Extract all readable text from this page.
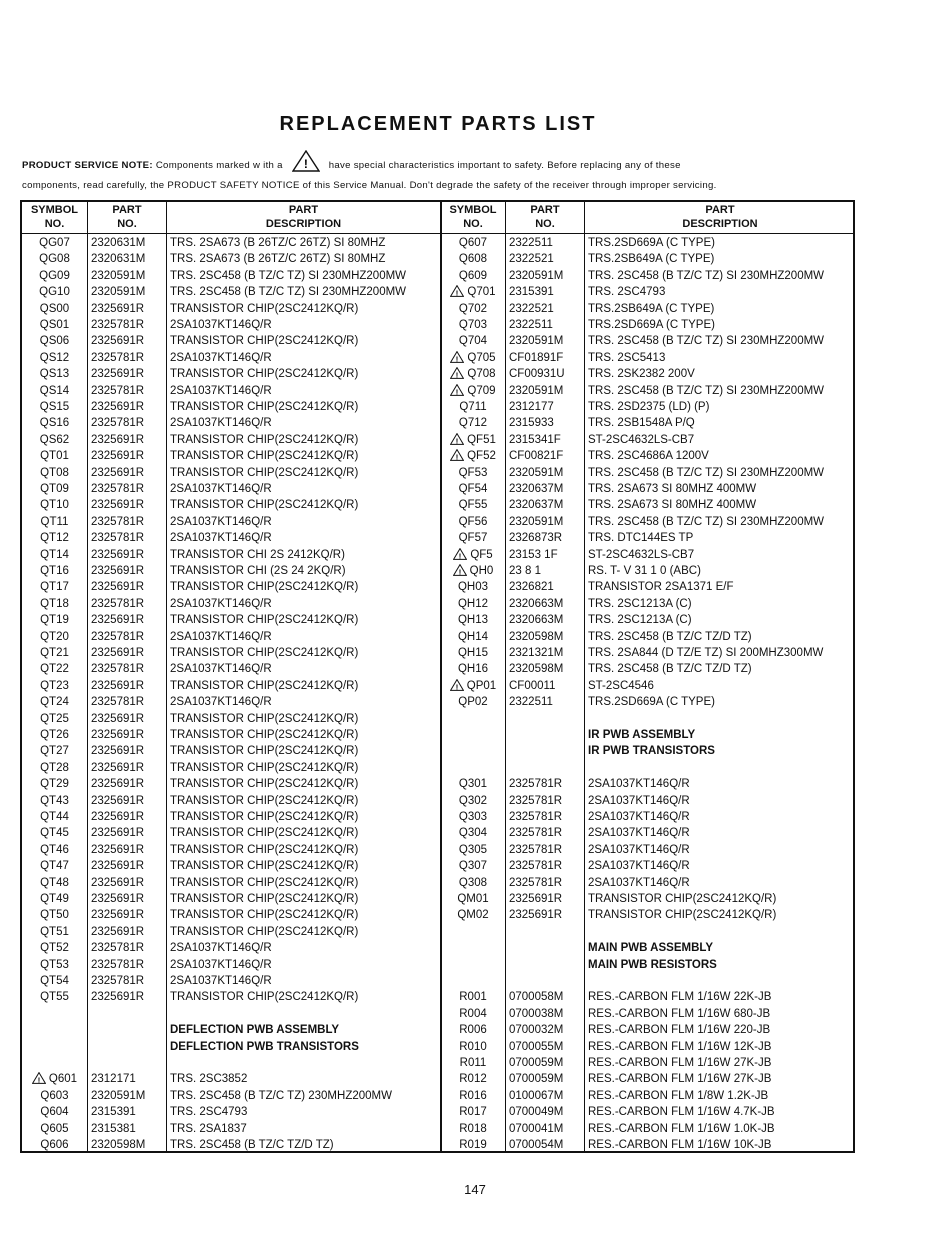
REPLACEMENT PARTS LIST
PRODUCT SERVICE NOTE: Components marked w ith a ! have special characteristics important to safety. Before replacing any of these
components, read carefully, the PRODUCT SAFETY NOTICE of this Service Manual. Don't degrade the safety of the receiver through improper servicing.
SYMBOL
NO.
PART
NO.
PART
DESCRIPTION
SYMBOL
NO.
PART
NO.
PART
DESCRIPTION
QG07	2320631M	TRS. 2SA673 (B 26TZ/C 26TZ) SI 80MHZ
QG08	2320631M	TRS. 2SA673 (B 26TZ/C 26TZ) SI 80MHZ
QG09	2320591M	TRS. 2SC458 (B TZ/C TZ) SI 230MHZ200MW
QG10	2320591M	TRS. 2SC458 (B TZ/C TZ) SI 230MHZ200MW
QS00	2325691R	TRANSISTOR CHIP(2SC2412KQ/R)
QS01	2325781R	2SA1037KT146Q/R
QS06	2325691R	TRANSISTOR CHIP(2SC2412KQ/R)
QS12	2325781R	2SA1037KT146Q/R
QS13	2325691R	TRANSISTOR CHIP(2SC2412KQ/R)
QS14	2325781R	2SA1037KT146Q/R
QS15	2325691R	TRANSISTOR CHIP(2SC2412KQ/R)
QS16	2325781R	2SA1037KT146Q/R
QS62	2325691R	TRANSISTOR CHIP(2SC2412KQ/R)
QT01	2325691R	TRANSISTOR CHIP(2SC2412KQ/R)
QT08	2325691R	TRANSISTOR CHIP(2SC2412KQ/R)
QT09	2325781R	2SA1037KT146Q/R
QT10	2325691R	TRANSISTOR CHIP(2SC2412KQ/R)
QT11	2325781R	2SA1037KT146Q/R
QT12	2325781R	2SA1037KT146Q/R
QT14	2325691R	TRANSISTOR CHI 2S 2412KQ/R)
QT16	2325691R	TRANSISTOR CHI (2S 24 2KQ/R)
QT17	2325691R	TRANSISTOR CHIP(2SC2412KQ/R)
QT18	2325781R	2SA1037KT146Q/R
QT19	2325691R	TRANSISTOR CHIP(2SC2412KQ/R)
QT20	2325781R	2SA1037KT146Q/R
QT21	2325691R	TRANSISTOR CHIP(2SC2412KQ/R)
QT22	2325781R	2SA1037KT146Q/R
QT23	2325691R	TRANSISTOR CHIP(2SC2412KQ/R)
QT24	2325781R	2SA1037KT146Q/R
QT25	2325691R	TRANSISTOR CHIP(2SC2412KQ/R)
QT26	2325691R	TRANSISTOR CHIP(2SC2412KQ/R)
QT27	2325691R	TRANSISTOR CHIP(2SC2412KQ/R)
QT28	2325691R	TRANSISTOR CHIP(2SC2412KQ/R)
QT29	2325691R	TRANSISTOR CHIP(2SC2412KQ/R)
QT43	2325691R	TRANSISTOR CHIP(2SC2412KQ/R)
QT44	2325691R	TRANSISTOR CHIP(2SC2412KQ/R)
QT45	2325691R	TRANSISTOR CHIP(2SC2412KQ/R)
QT46	2325691R	TRANSISTOR CHIP(2SC2412KQ/R)
QT47	2325691R	TRANSISTOR CHIP(2SC2412KQ/R)
QT48	2325691R	TRANSISTOR CHIP(2SC2412KQ/R)
QT49	2325691R	TRANSISTOR CHIP(2SC2412KQ/R)
QT50	2325691R	TRANSISTOR CHIP(2SC2412KQ/R)
QT51	2325691R	TRANSISTOR CHIP(2SC2412KQ/R)
QT52	2325781R	2SA1037KT146Q/R
QT53	2325781R	2SA1037KT146Q/R
QT54	2325781R	2SA1037KT146Q/R
QT55	2325691R	TRANSISTOR CHIP(2SC2412KQ/R)
DEFLECTION PWB ASSEMBLY
DEFLECTION PWB TRANSISTORS
! Q601	2312171	TRS. 2SC3852
Q603	2320591M	TRS. 2SC458 (B TZ/C TZ) 230MHZ200MW
Q604	2315391	TRS. 2SC4793
Q605	2315381	TRS. 2SA1837
Q606	2320598M	TRS. 2SC458 (B TZ/C TZ/D TZ)
Q607	2322511	TRS.2SD669A (C TYPE)
Q608	2322521	TRS.2SB649A (C TYPE)
Q609	2320591M	TRS. 2SC458 (B TZ/C TZ) SI 230MHZ200MW
! Q701	2315391	TRS. 2SC4793
Q702	2322521	TRS.2SB649A (C TYPE)
Q703	2322511	TRS.2SD669A (C TYPE)
Q704	2320591M	TRS. 2SC458 (B TZ/C TZ) SI 230MHZ200MW
! Q705	CF01891F	TRS. 2SC5413
! Q708	CF00931U	TRS. 2SK2382 200V
! Q709	2320591M	TRS. 2SC458 (B TZ/C TZ) SI 230MHZ200MW
Q711	2312177	TRS. 2SD2375 (LD) (P)
Q712	2315933	TRS. 2SB1548A P/Q
! QF51	2315341F	ST-2SC4632LS-CB7
! QF52	CF00821F	TRS. 2SC4686A 1200V
QF53	2320591M	TRS. 2SC458 (B TZ/C TZ) SI 230MHZ200MW
QF54	2320637M	TRS. 2SA673 SI 80MHZ 400MW
QF55	2320637M	TRS. 2SA673 SI 80MHZ 400MW
QF56	2320591M	TRS. 2SC458 (B TZ/C TZ) SI 230MHZ200MW
QF57	2326873R	TRS. DTC144ES TP
! QF5	23153 1F	ST-2SC4632LS-CB7
! QH0	23 8 1	RS. T- V 31 1 0 (ABC)
QH03	2326821	TRANSISTOR 2SA1371 E/F
QH12	2320663M	TRS. 2SC1213A (C)
QH13	2320663M	TRS. 2SC1213A (C)
QH14	2320598M	TRS. 2SC458 (B TZ/C TZ/D TZ)
QH15	2321321M	TRS. 2SA844 (D TZ/E TZ) SI 200MHZ300MW
QH16	2320598M	TRS. 2SC458 (B TZ/C TZ/D TZ)
! QP01	CF00011	ST-2SC4546
QP02	2322511	TRS.2SD669A (C TYPE)
IR PWB ASSEMBLY
IR PWB TRANSISTORS
Q301	2325781R	2SA1037KT146Q/R
Q302	2325781R	2SA1037KT146Q/R
Q303	2325781R	2SA1037KT146Q/R
Q304	2325781R	2SA1037KT146Q/R
Q305	2325781R	2SA1037KT146Q/R
Q307	2325781R	2SA1037KT146Q/R
Q308	2325781R	2SA1037KT146Q/R
QM01	2325691R	TRANSISTOR CHIP(2SC2412KQ/R)
QM02	2325691R	TRANSISTOR CHIP(2SC2412KQ/R)
MAIN PWB ASSEMBLY
MAIN PWB RESISTORS
R001	0700058M	RES.-CARBON FLM 1/16W 22K-JB
R004	0700038M	RES.-CARBON FLM 1/16W 680-JB
R006	0700032M	RES.-CARBON FLM 1/16W 220-JB
R010	0700055M	RES.-CARBON FLM 1/16W 12K-JB
R011	0700059M	RES.-CARBON FLM 1/16W 27K-JB
R012	0700059M	RES.-CARBON FLM 1/16W 27K-JB
R016	0100067M	RES.-CARBON FLM 1/8W 1.2K-JB
R017	0700049M	RES.-CARBON FLM 1/16W 4.7K-JB
R018	0700041M	RES.-CARBON FLM 1/16W 1.0K-JB
R019	0700054M	RES.-CARBON FLM 1/16W 10K-JB
147
